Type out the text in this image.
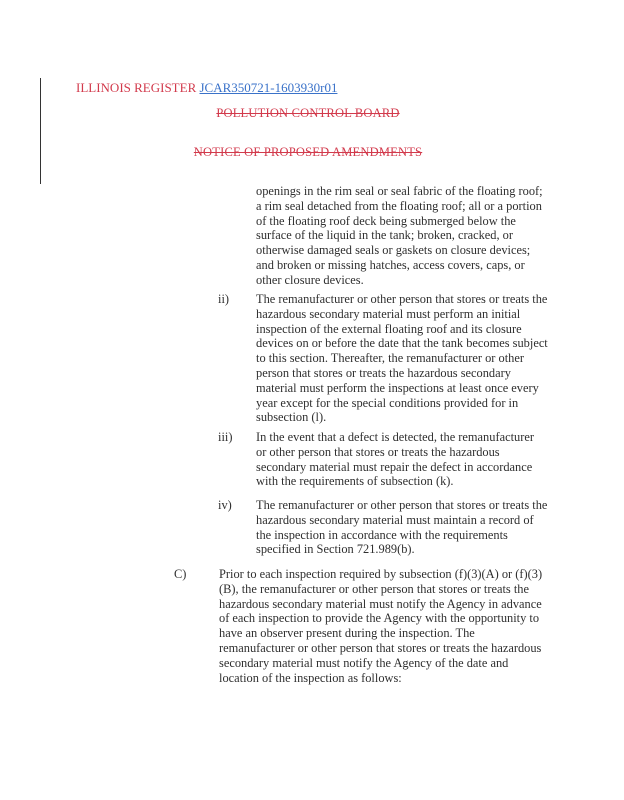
ILLINOIS REGISTER JCAR350721-1603930r01
POLLUTION CONTROL BOARD
NOTICE OF PROPOSED AMENDMENTS
openings in the rim seal or seal fabric of the floating roof; a rim seal detached from the floating roof; all or a portion of the floating roof deck being submerged below the surface of the liquid in the tank; broken, cracked, or otherwise damaged seals or gaskets on closure devices; and broken or missing hatches, access covers, caps, or other closure devices.
ii) The remanufacturer or other person that stores or treats the hazardous secondary material must perform an initial inspection of the external floating roof and its closure devices on or before the date that the tank becomes subject to this section. Thereafter, the remanufacturer or other person that stores or treats the hazardous secondary material must perform the inspections at least once every year except for the special conditions provided for in subsection (l).
iii) In the event that a defect is detected, the remanufacturer or other person that stores or treats the hazardous secondary material must repair the defect in accordance with the requirements of subsection (k).
iv) The remanufacturer or other person that stores or treats the hazardous secondary material must maintain a record of the inspection in accordance with the requirements specified in Section 721.989(b).
C)	Prior to each inspection required by subsection (f)(3)(A) or (f)(3)(B), the remanufacturer or other person that stores or treats the hazardous secondary material must notify the Agency in advance of each inspection to provide the Agency with the opportunity to have an observer present during the inspection. The remanufacturer or other person that stores or treats the hazardous secondary material must notify the Agency of the date and location of the inspection as follows:
